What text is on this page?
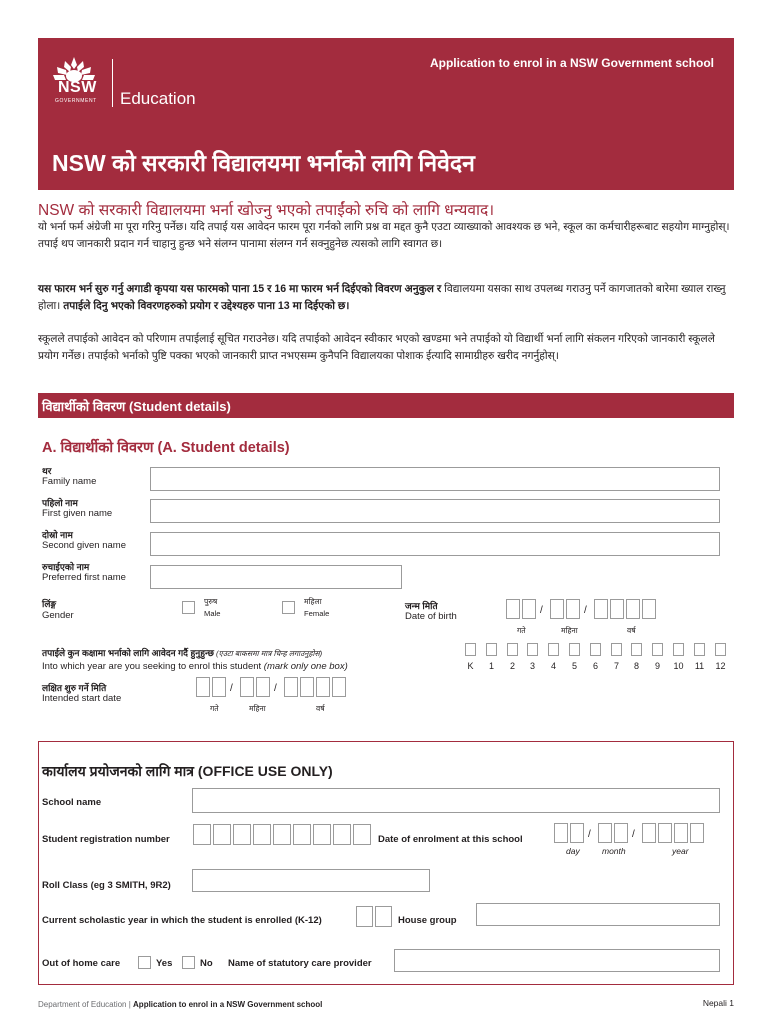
NSW
GOVERNMENT Education
Application to enrol in a NSW Government school
NSW को सरकारी विद्यालयमा भर्नाको लागि निवेदन
NSW को सरकारी विद्यालयमा भर्ना खोज्नु भएको तपाईंको रुचि को लागि धन्यवाद।
यो भर्ना फर्म अंग्रेजी मा पूरा गरिनु पर्नेछ। यदि तपाई यस आवेदन फारम पूरा गर्नको लागि प्रश्न वा मद्दत कुनै एउटा व्याख्याको आवश्यक छ भने, स्कूल का कर्मचारीहरूबाट सहयोग माग्नुहोस्। तपाई थप जानकारी प्रदान गर्न चाहानु हुन्छ भने संलग्न पानामा संलग्न गर्न सक्नुहुनेछ त्यसको लागि स्वागत छ।
यस फारम भर्न सुरु गर्नु अगाडी कृपया यस फारमको पाना 15 र 16 मा फारम भर्न दिईएको विवरण अनुकुल र विद्यालयमा यसका साथ उपलब्ध गराउनु पर्ने कागजातको बारेमा ख्याल राख्नु होला। तपाईले दिनु भएको विवरणहरुको प्रयोग र उद्देश्यहरु पाना 13 मा दिईएको छ।
स्कूलले तपाईको आवेदन को परिणाम तपाईलाई सूचित गराउनेछ। यदि तपाईको आवेदन स्वीकार भएको खण्डमा भने तपाईको यो विद्यार्थी भर्ना लागि संकलन गरिएको जानकारी स्कूलले प्रयोग गर्नेछ। तपाईको भर्नाको पुष्टि पक्का भएको जानकारी प्राप्त नभएसम्म कुनैपनि विद्यालयका पोशाक ईत्यादि सामाग्रीहरु खरीद नगर्नुहोस्।
विद्यार्थीको विवरण (Student details)
A. विद्यार्थीको विवरण (A. Student details)
थर
Family name
पहिलो नाम
First given name
दोस्रो नाम
Second given name
रुचाईएको नाम
Preferred first name
लिंङ्ग
Gender
पुरुष
Male
महिला
Female
जन्म मिति
Date of birth
/	/
गते	महिना	वर्ष
तपाईले कुन कक्षामा भर्नाको लागि आवेदन गर्दै हुनुहुन्छ (एउटा बाकसमा मात्र चिन्ह लगाउनुहोस)
Into which year are you seeking to enrol this student (mark only one box)	K	1	2	3	4	5	6	7	8	9	10 11 12
लक्षित शुरु गर्ने मिति
Intended start date
/	/
गते	महिना	वर्ष
कार्यालय प्रयोजनको लागि मात्र (OFFICE USE ONLY)
School name
Student registration number	Date of enrolment at this school	/	/
day	month	year
Roll Class (eg 3 SMITH, 9R2)
Current scholastic year in which the student is enrolled (K-12)	House group
Out of home care	Yes	No Name of statutory care provider
Department of Education | Application to enrol in a NSW Government school	Nepali 1
